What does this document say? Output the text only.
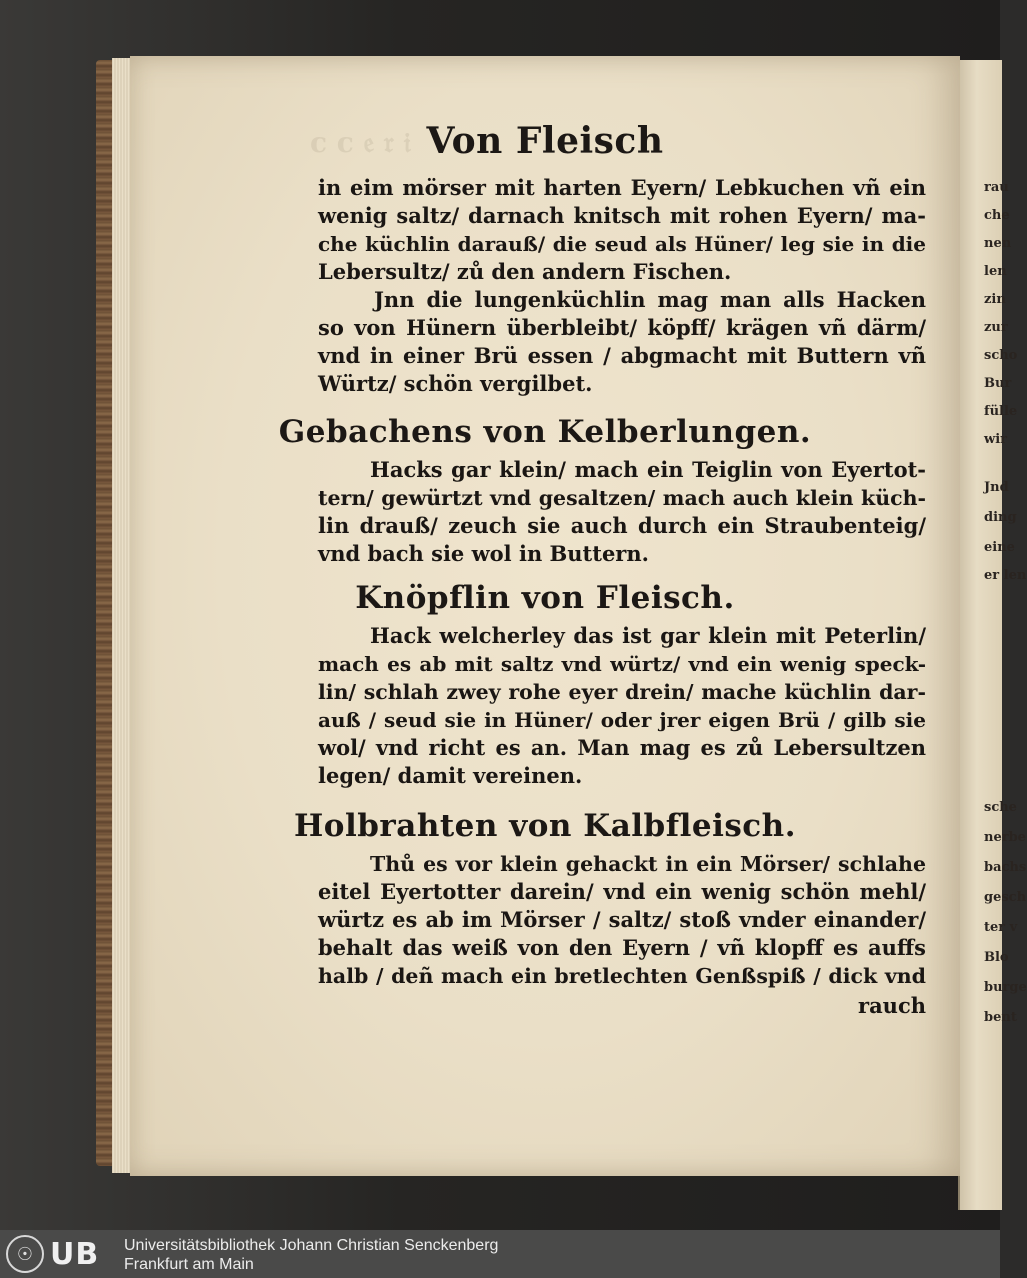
rau
che
nen
len
zin
zur
scho
Bur
fülle
wir
Jnd
ding
eine
er len
sche
nerbe
bachs
gesch
ter v
Blo
burge
bent
c c 𝔢 𝔯 𝔦 Von Fleisch
in eim mörser mit harten Eyern/ Lebkuchen vñ ein
wenig saltz/ darnach knitsch mit rohen Eyern/ ma-
che küchlin darauß/ die seud als Hüner/ leg sie in die
Lebersultz/ zů den andern Fischen.
Jnn die lungenküchlin mag man alls Hacken
so von Hünern überbleibt/ köpff/ krägen vñ därm/
vnd in einer Brü essen / abgmacht mit Buttern vñ
Würtz/ schön vergilbet.
Gebachens von Kelberlungen.
Hacks gar klein/ mach ein Teiglin von Eyertot-
tern/ gewürtzt vnd gesaltzen/ mach auch klein küch-
lin drauß/ zeuch sie auch durch ein Straubenteig/
vnd bach sie wol in Buttern.
Knöpflin von Fleisch.
Hack welcherley das ist gar klein mit Peterlin/
mach es ab mit saltz vnd würtz/ vnd ein wenig speck-
lin/ schlah zwey rohe eyer drein/ mache küchlin dar-
auß / seud sie in Hüner/ oder jrer eigen Brü / gilb sie
wol/ vnd richt es an. Man mag es zů Lebersultzen
legen/ damit vereinen.
Holbrahten von Kalbfleisch.
Thů es vor klein gehackt in ein Mörser/ schlahe
eitel Eyertotter darein/ vnd ein wenig schön mehl/
würtz es ab im Mörser / saltz/ stoß vnder einander/
behalt das weiß von den Eyern / vñ klopff es auffs
halb / deñ mach ein bretlechten Genßspiß / dick vnd
rauch
☉ UB Universitätsbibliothek Johann Christian Senckenberg
Frankfurt am Main
